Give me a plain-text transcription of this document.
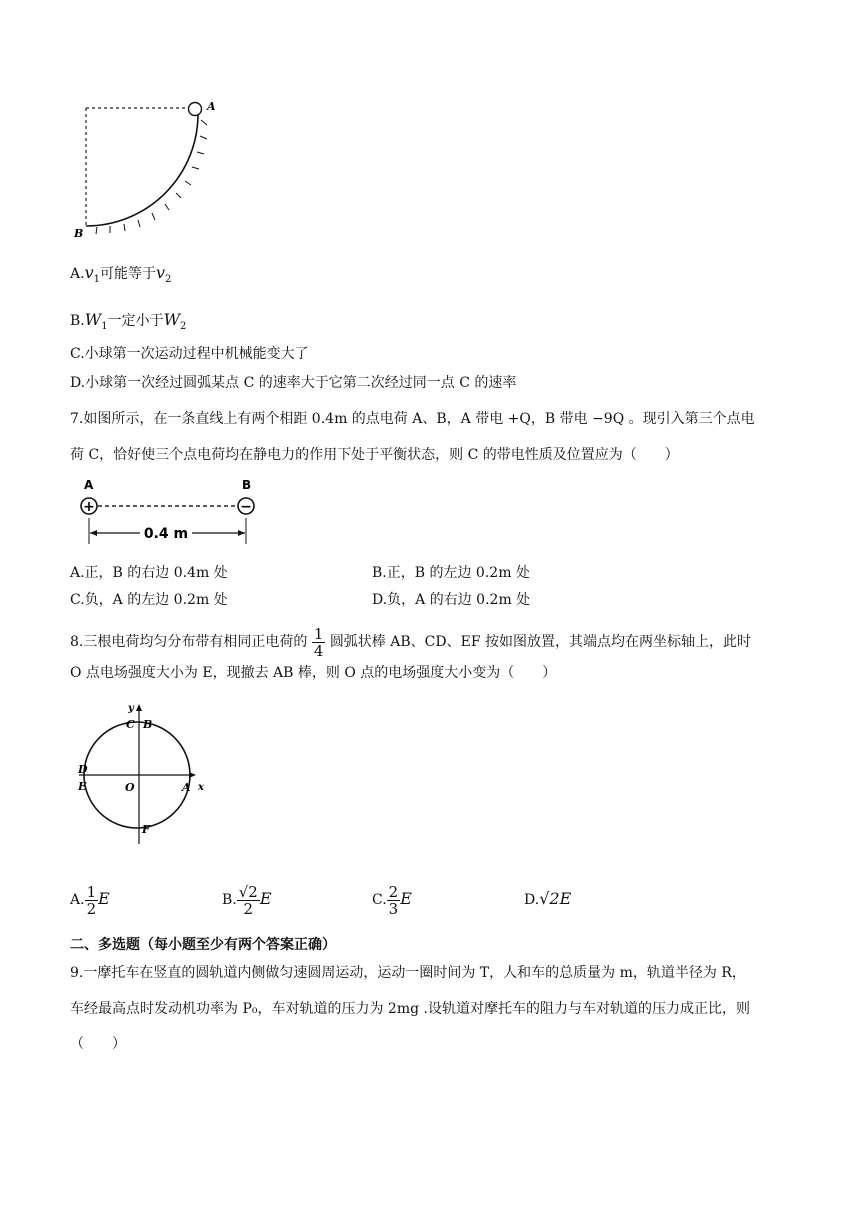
A
B
$A.v_1$可能等于$v_2$
$B.W_1$一定小于$W_2$
C.小球第一次运动过程中机械能变大了
D.小球第一次经过圆弧某点 C 的速率大于它第二次经过同一点 C 的速率
7.如图所示，在一条直线上有两个相距 0.4m 的点电荷 A、B，A 带电 +Q，B 带电 −9Q 。现引入第三个点电
荷 C，恰好使三个点电荷均在静电力的作用下处于平衡状态，则 C 的带电性质及位置应为（　　）
A	B
+	−
0.4 m
A.正，B 的右边 0.4m 处	B.正，B 的左边 0.2m 处
C.负，A 的左边 0.2m 处	D.负，A 的右边 0.2m 处
8.三根电荷均匀分布带有相同正电荷的 $\frac{1}{4}$ 圆弧状棒 AB、CD、EF 按如图放置，其端点均在两坐标轴上，此时
O 点电场强度大小为 E，现撤去 AB 棒，则 O 点的电场强度大小变为（　　）
y
x
C B
D
E	O	A
F
A. $\frac{1}{2}$ E	B. $\frac{√2}{2}$ E	C. $\frac{2}{3}$ E	D.√2E
二、多选题（每小题至少有两个答案正确）
9.一摩托车在竖直的圆轨道内侧做匀速圆周运动，运动一圈时间为 T，人和车的总质量为 m，轨道半径为 R，
车经最高点时发动机功率为 P₀，车对轨道的压力为 2mg .设轨道对摩托车的阻力与车对轨道的压力成正比，则
（　　）
